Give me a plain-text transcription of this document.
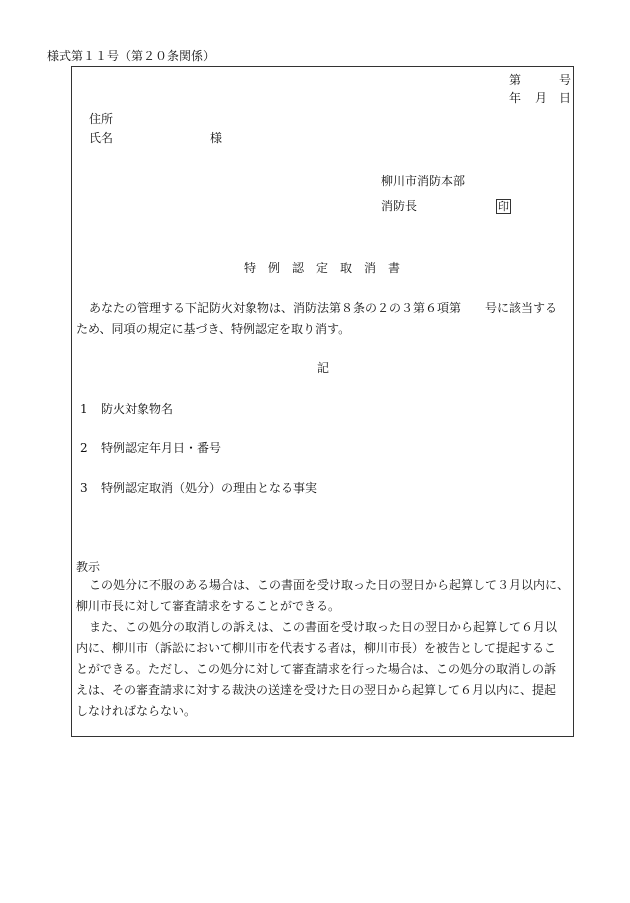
様式第１１号（第２０条関係）
第	号
年 月 日
住所
氏名	様
柳川市消防本部
消防長	印
特　例　認　定　取　消　書
あなたの管理する下記防火対象物は、消防法第８条の２の３第６項第　　号に該当する
ため、同項の規定に基づき、特例認定を取り消す。
記
1 防火対象物名
2 特例認定年月日・番号
3 特例認定取消（処分）の理由となる事実
教示
この処分に不服のある場合は、この書面を受け取った日の翌日から起算して３月以内に、
柳川市長に対して審査請求をすることができる。
また、この処分の取消しの訴えは、この書面を受け取った日の翌日から起算して６月以
内に、柳川市（訴訟において柳川市を代表する者は，柳川市長）を被告として提起するこ
とができる。ただし、この処分に対して審査請求を行った場合は、この処分の取消しの訴
えは、その審査請求に対する裁決の送達を受けた日の翌日から起算して６月以内に、提起
しなければならない。
